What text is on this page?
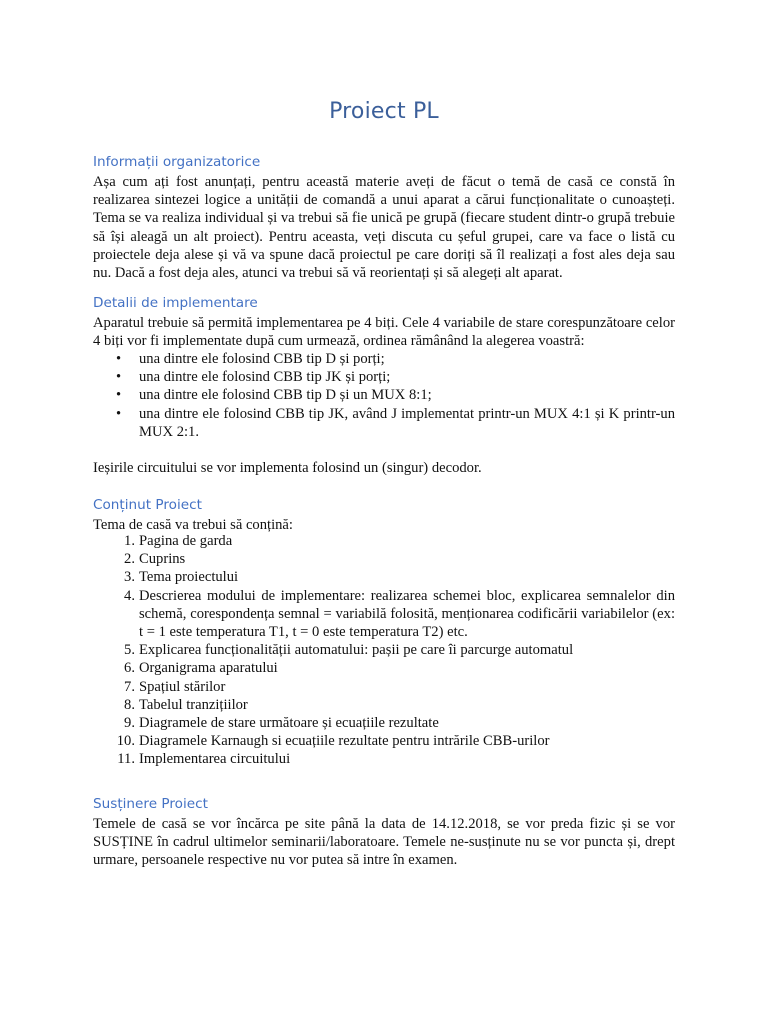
Proiect PL
Informații organizatorice

Așa cum ați fost anunțați, pentru această materie aveți de făcut o temă de casă ce constă în realizarea sintezei logice a unității de comandă a unui aparat a cărui funcționalitate o cunoașteți. Tema se va realiza individual și va trebui să fie unică pe grupă (fiecare student dintr-o grupă trebuie să își aleagă un alt proiect). Pentru aceasta, veți discuta cu șeful grupei, care va face o listă cu proiectele deja alese și vă va spune dacă proiectul pe care doriți să îl realizați a fost ales deja sau nu. Dacă a fost deja ales, atunci va trebui să vă reorientați și să alegeți alt aparat.

Detalii de implementare

Aparatul trebuie să permită implementarea pe 4 biți. Cele 4 variabile de stare corespunzătoare celor 4 biți vor fi implementate după cum urmează, ordinea rămânând la alegerea voastră:

• una dintre ele folosind CBB tip D și porți;
• una dintre ele folosind CBB tip JK și porți;
• una dintre ele folosind CBB tip D și un MUX 8:1;
• una dintre ele folosind CBB tip JK, având J implementat printr-un MUX 4:1 și K printr-un MUX 2:1.

Ieșirile circuitului se vor implementa folosind un (singur) decodor.

Conținut Proiect

Tema de casă va trebui să conțină:

1. Pagina de garda
2. Cuprins
3. Tema proiectului
4. Descrierea modului de implementare: realizarea schemei bloc, explicarea semnalelor din schemă, corespondența semnal = variabilă folosită, menționarea codificării variabilelor (ex: t = 1 este temperatura T1, t = 0 este temperatura T2) etc.
5. Explicarea funcționalității automatului: pașii pe care îi parcurge automatul
6. Organigrama aparatului
7. Spațiul stărilor
8. Tabelul tranzițiilor
9. Diagramele de stare următoare și ecuațiile rezultate
10. Diagramele Karnaugh si ecuațiile rezultate pentru intrările CBB-urilor
11. Implementarea circuitului
Susținere Proiect

Temele de casă se vor încărca pe site până la data de 14.12.2018, se vor preda fizic și se vor SUSȚINE în cadrul ultimelor seminarii/laboratoare. Temele ne-susținute nu se vor puncta și, drept urmare, persoanele respective nu vor putea să intre în examen.
